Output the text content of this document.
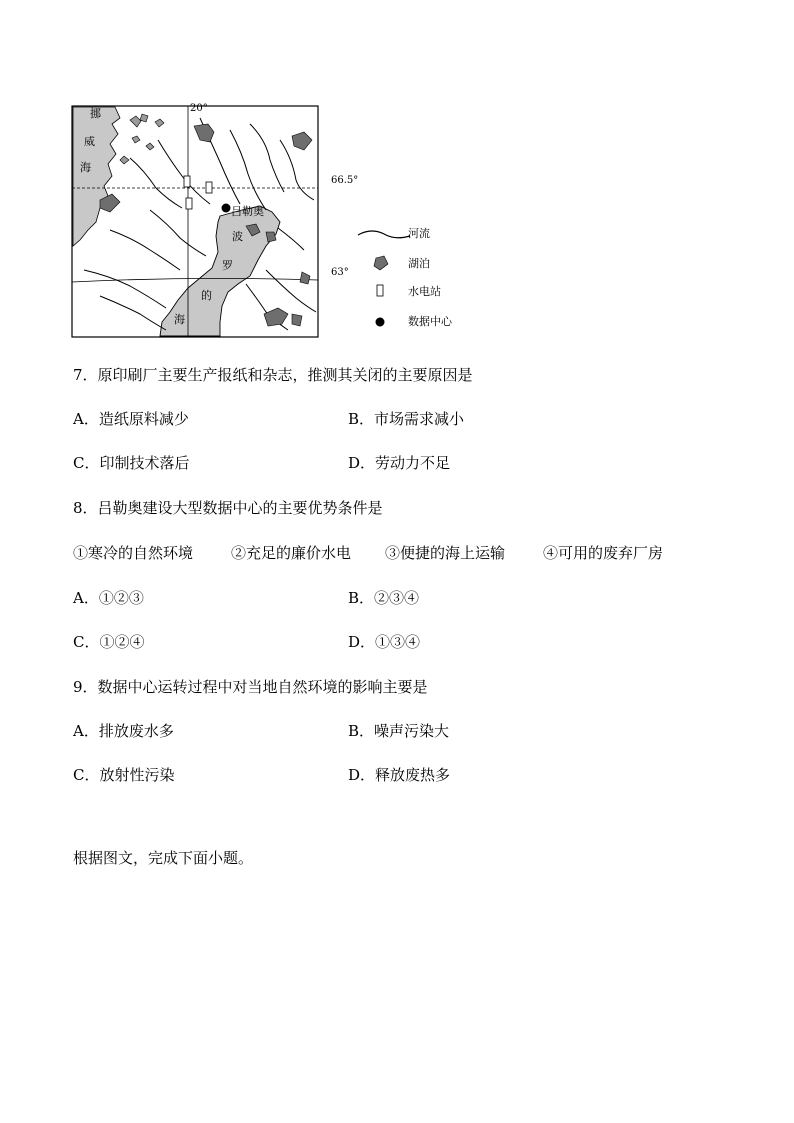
20°
66.5°
63°
挪
威
海
波
罗
的
海
吕勒奥
河流
湖泊
水电站
数据中心
7．原印刷厂主要生产报纸和杂志，推测其关闭的主要原因是
A．造纸原料减少	B．市场需求减小
C．印制技术落后	D．劳动力不足
8．吕勒奥建设大型数据中心的主要优势条件是
①寒冷的自然环境	②充足的廉价水电 ③便捷的海上运输	④可用的废弃厂房
A．①②③	B．②③④
C．①②④	D．①③④
9．数据中心运转过程中对当地自然环境的影响主要是
A．排放废水多	B．噪声污染大
C．放射性污染	D．释放废热多
根据图文，完成下面小题。
